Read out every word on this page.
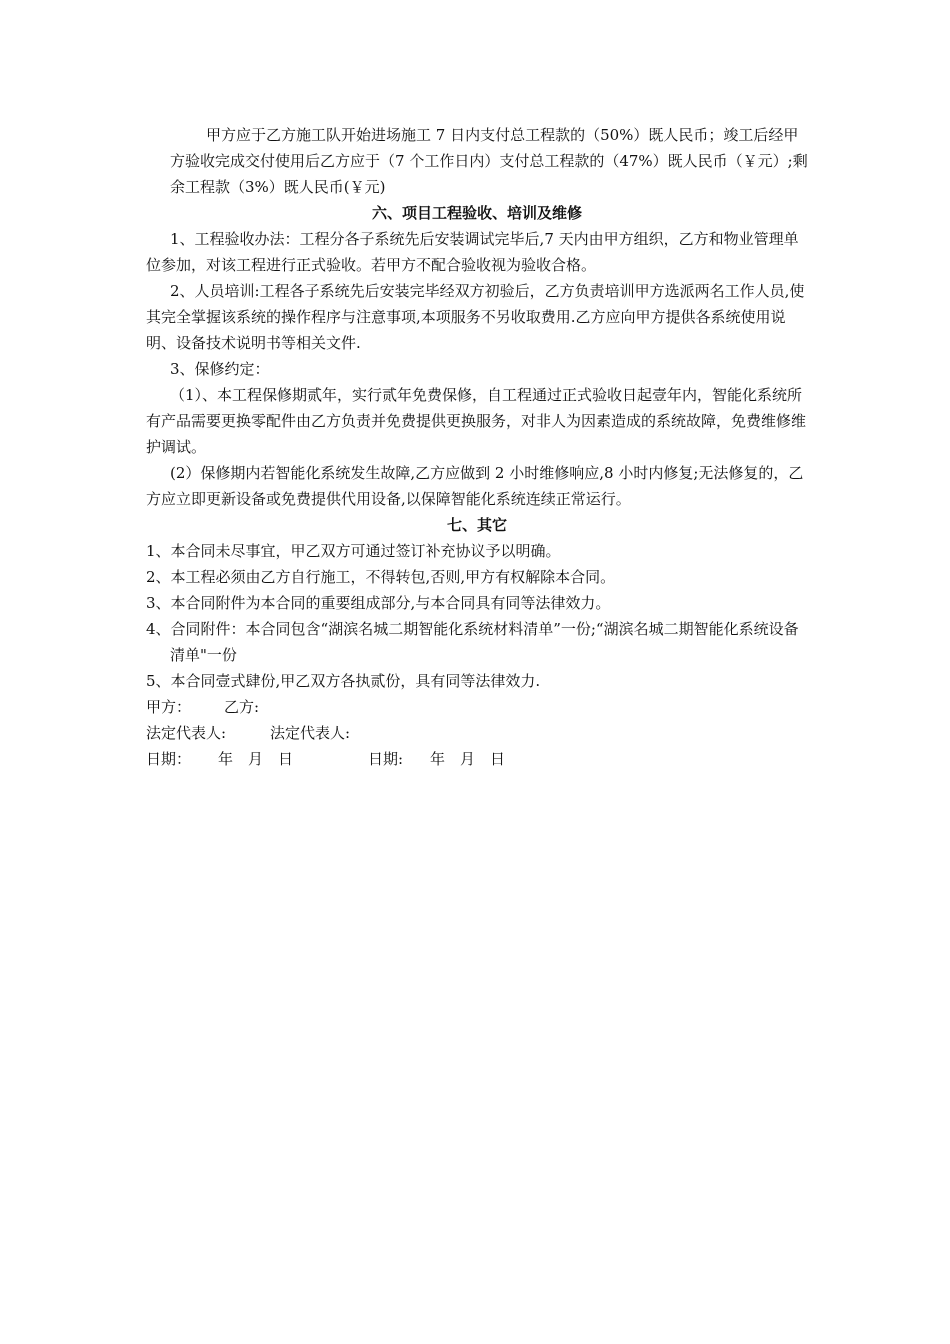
甲方应于乙方施工队开始进场施工 7 日内支付总工程款的（50%）既人民币；竣工后经甲方验收完成交付使用后乙方应于（7 个工作日内）支付总工程款的（47%）既人民币（￥元）;剩余工程款（3%）既人民币(￥元)

六、项目工程验收、培训及维修

1、工程验收办法：工程分各子系统先后安装调试完毕后,7 天内由甲方组织，乙方和物业管理单位参加，对该工程进行正式验收。若甲方不配合验收视为验收合格。

2、人员培训:工程各子系统先后安装完毕经双方初验后，乙方负责培训甲方选派两名工作人员,使其完全掌握该系统的操作程序与注意事项,本项服务不另收取费用.乙方应向甲方提供各系统使用说明、设备技术说明书等相关文件.

3、保修约定：

（1）、本工程保修期贰年，实行贰年免费保修，自工程通过正式验收日起壹年内，智能化系统所有产品需要更换零配件由乙方负责并免费提供更换服务，对非人为因素造成的系统故障，免费维修维护调试。

(2）保修期内若智能化系统发生故障,乙方应做到 2 小时维修响应,8 小时内修复;无法修复的，乙方应立即更新设备或免费提供代用设备,以保障智能化系统连续正常运行。

七、其它

1、本合同未尽事宜，甲乙双方可通过签订补充协议予以明确。

2、本工程必须由乙方自行施工，不得转包,否则,甲方有权解除本合同。

3、本合同附件为本合同的重要组成部分,与本合同具有同等法律效力。

4、合同附件：本合同包含“湖滨名城二期智能化系统材料清单”一份;“湖滨名城二期智能化系统设备清单"一份

5、本合同壹式肆份,甲乙双方各执贰份，具有同等法律效力.

甲方： 乙方:

法定代表人:	法定代表人:

日期： 年　月　日	日期: 年　月　日
